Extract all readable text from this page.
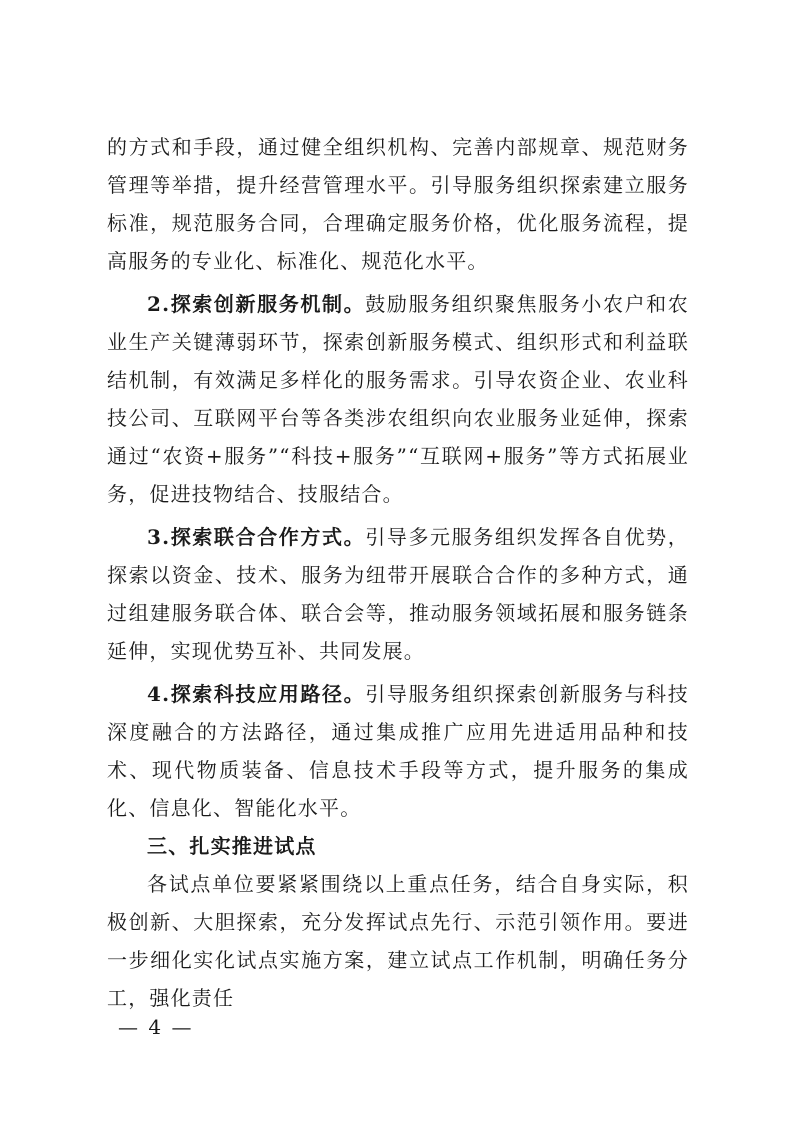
的方式和手段，通过健全组织机构、完善内部规章、规范财务管理等举措，提升经营管理水平。引导服务组织探索建立服务标准，规范服务合同，合理确定服务价格，优化服务流程，提高服务的专业化、标准化、规范化水平。

2.探索创新服务机制。鼓励服务组织聚焦服务小农户和农业生产关键薄弱环节，探索创新服务模式、组织形式和利益联结机制，有效满足多样化的服务需求。引导农资企业、农业科技公司、互联网平台等各类涉农组织向农业服务业延伸，探索通过“农资+服务”“科技+服务”“互联网+服务”等方式拓展业务，促进技物结合、技服结合。

3.探索联合合作方式。引导多元服务组织发挥各自优势，探索以资金、技术、服务为纽带开展联合合作的多种方式，通过组建服务联合体、联合会等，推动服务领域拓展和服务链条延伸，实现优势互补、共同发展。

4.探索科技应用路径。引导服务组织探索创新服务与科技深度融合的方法路径，通过集成推广应用先进适用品种和技术、现代物质装备、信息技术手段等方式，提升服务的集成化、信息化、智能化水平。

三、扎实推进试点

各试点单位要紧紧围绕以上重点任务，结合自身实际，积极创新、大胆探索，充分发挥试点先行、示范引领作用。要进一步细化实化试点实施方案，建立试点工作机制，明确任务分工，强化责任

— 4 —
